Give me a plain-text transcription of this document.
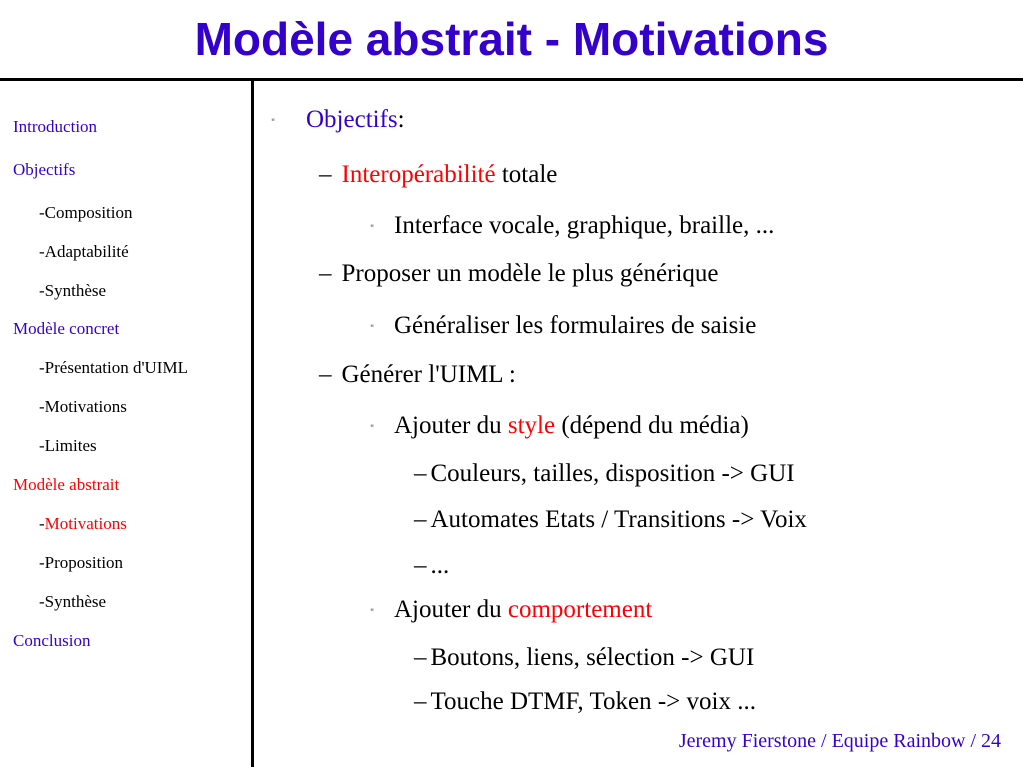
Modèle abstrait - Motivations
Introduction
Objectifs
-Composition
-Adaptabilité
-Synthèse
Modèle concret
-Présentation d'UIML
-Motivations
-Limites
Modèle abstrait
-Motivations
-Proposition
-Synthèse
Conclusion
" Objectifs:
– Interopérabilité totale
" Interface vocale, graphique, braille, ...
– Proposer un modèle le plus générique
" Généraliser les formulaires de saisie
– Générer l'UIML :
" Ajouter du style (dépend du média)
– Couleurs, tailles, disposition -> GUI
– Automates Etats / Transitions -> Voix
– ...
" Ajouter du comportement
– Boutons, liens, sélection -> GUI
– Touche DTMF, Token -> voix ...
Jeremy Fierstone / Equipe Rainbow / 24
